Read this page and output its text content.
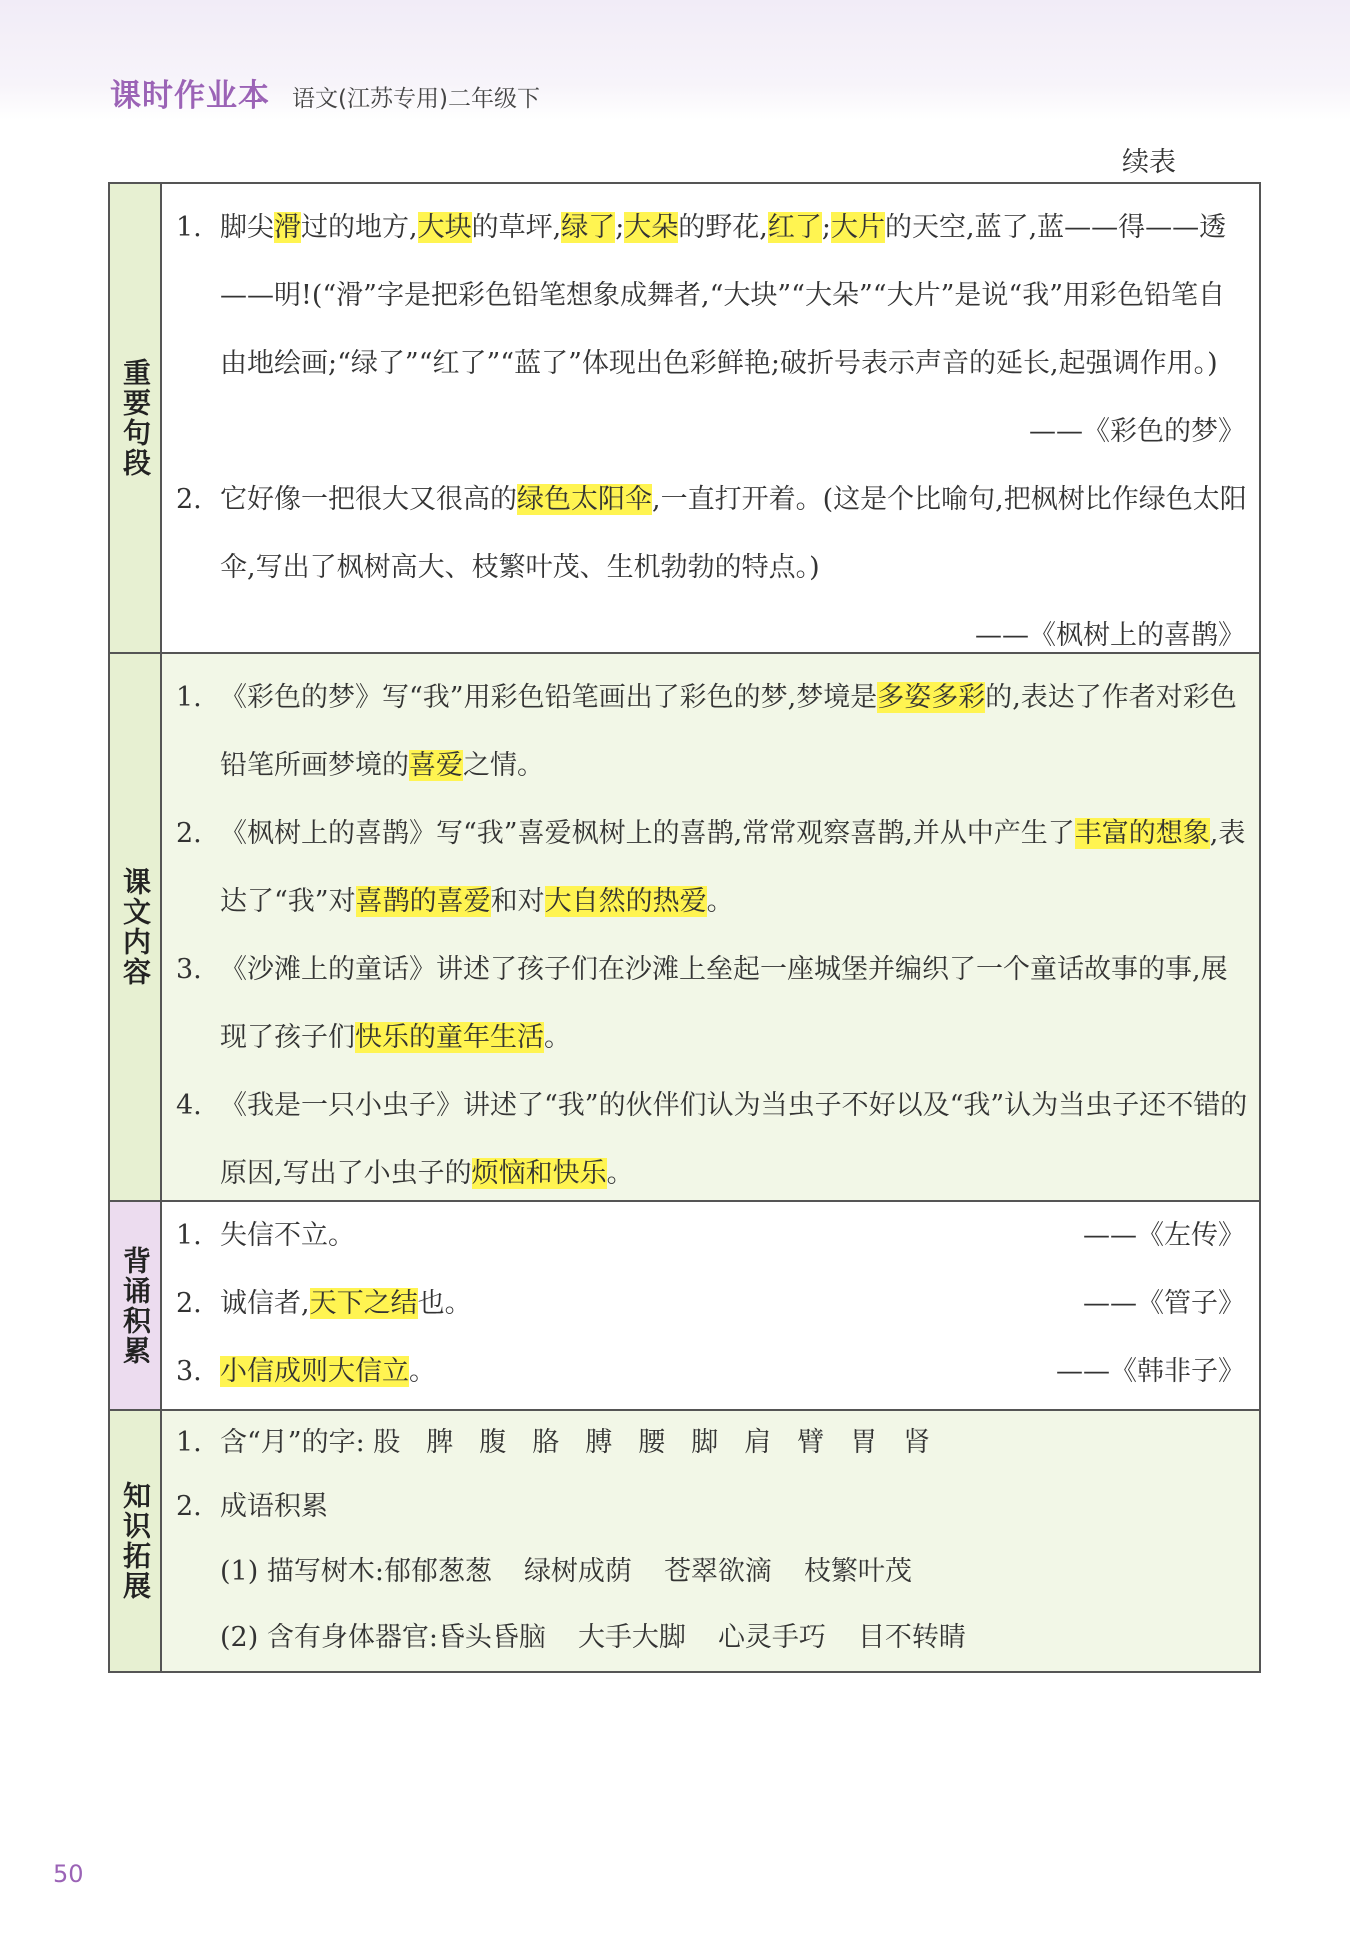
课时作业本 语文(江苏专用)二年级下
续表
重要句段
1. 脚尖滑过的地方,大块的草坪,绿了;大朵的野花,红了;大片的天空,蓝了,蓝——得——透——明!(“滑”字是把彩色铅笔想象成舞者,“大块”“大朵”“大片”是说“我”用彩色铅笔自由地绘画;“绿了”“红了”“蓝了”体现出色彩鲜艳;破折号表示声音的延长,起强调作用。)
——《彩色的梦》
2. 它好像一把很大又很高的绿色太阳伞,一直打开着。(这是个比喻句,把枫树比作绿色太阳伞,写出了枫树高大、枝繁叶茂、生机勃勃的特点。)
——《枫树上的喜鹊》
课文内容
1. 《彩色的梦》写“我”用彩色铅笔画出了彩色的梦,梦境是多姿多彩的,表达了作者对彩色铅笔所画梦境的喜爱之情。
2. 《枫树上的喜鹊》写“我”喜爱枫树上的喜鹊,常常观察喜鹊,并从中产生了丰富的想象,表达了“我”对喜鹊的喜爱和对大自然的热爱。
3. 《沙滩上的童话》讲述了孩子们在沙滩上垒起一座城堡并编织了一个童话故事的事,展现了孩子们快乐的童年生活。
4. 《我是一只小虫子》讲述了“我”的伙伴们认为当虫子不好以及“我”认为当虫子还不错的原因,写出了小虫子的烦恼和快乐。
背诵积累
1. 失信不立。	——《左传》
2. 诚信者,天下之结也。	——《管子》
3. 小信成则大信立。	——《韩非子》
知识拓展
1. 含“月”的字: 股 脾 腹 胳 膊 腰 脚 肩 臂 胃 肾
2. 成语积累
(1) 描写树木: 郁郁葱葱 绿树成荫 苍翠欲滴 枝繁叶茂
(2) 含有身体器官: 昏头昏脑 大手大脚 心灵手巧 目不转睛
50
